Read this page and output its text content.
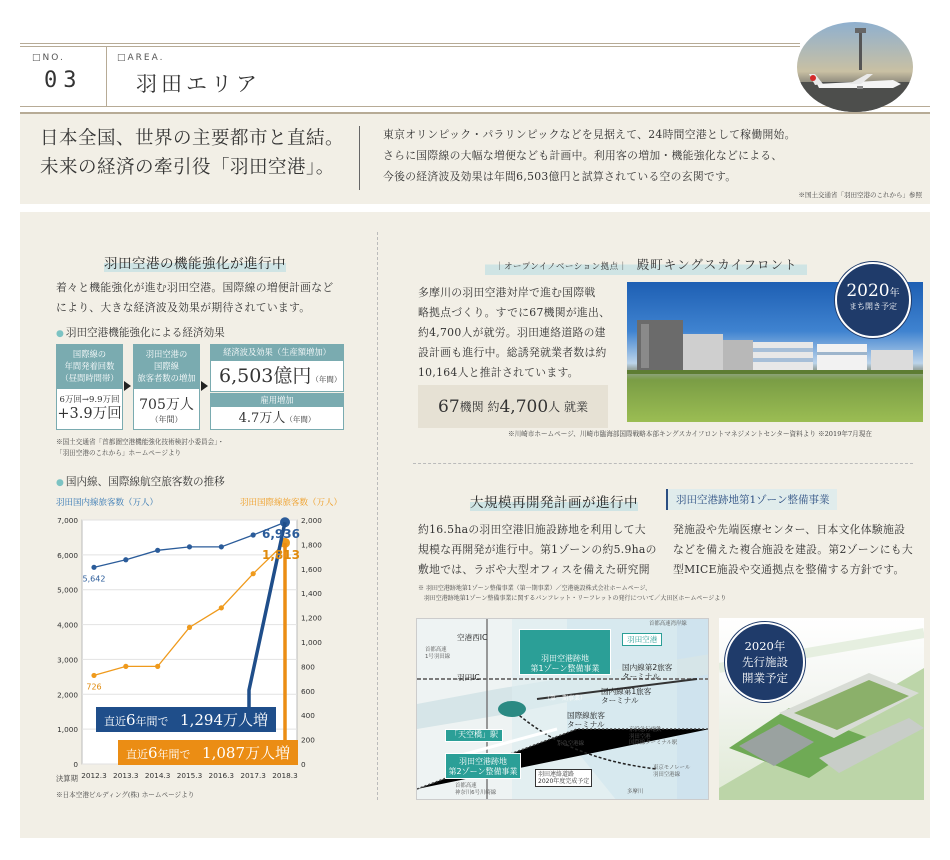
□NO.
03
□AREA.
羽田エリア
日本全国、世界の主要都市と直結。
未来の経済の牽引役「羽田空港」。
東京オリンピック・パラリンピックなどを見据えて、24時間空港として稼働開始。
さらに国際線の大幅な増便なども計画中。利用客の増加・機能強化などによる、
今後の経済波及効果は年間6,503億円と試算されている空の玄関です。
※国土交通省「羽田空港のこれから」参照
羽田空港の機能強化が進行中
着々と機能強化が進む羽田空港。国際線の増便計画など
により、大きな経済波及効果が期待されています。
● 羽田空港機能強化による経済効果
国際線の
年間発着回数
（昼間時間帯）
6万回→9.9万回
+3.9万回
羽田空港の
国際線
旅客者数の増加
705万人
（年間）
経済波及効果（生産額増加）
6,503億円（年間）
雇用増加
4.7万人（年間）
※国土交通省「首都圏空港機能強化技術検討小委員会」・
「羽田空港のこれから」ホームページより
● 国内線、国際線航空旅客数の推移
羽田国内線旅客数（万人）	羽田国際線旅客数（万人）
0
1,000
2,000
3,000
4,000
5,000
6,000
7,000
0
200
400
600
800
1,000
1,200
1,400
1,600
1,800
2,000
2012.3 2013.3 2014.3 2015.3 2016.3 2017.3 2018.3
5,642
6,936
726
1,813
直近6年間で 1,294万人増
直近6年間で 1,087万人増
決算期
※日本空港ビルディング(株) ホームページより
｜オープンイノベーション拠点｜ 殿町キングスカイフロント
多摩川の羽田空港対岸で進む国際戦
略拠点づくり。すでに67機関が進出、
約4,700人が就労。羽田連絡道路の建
設計画も進行中。総誘発就業者数は約
10,164人と推計されています。
67 機関 約 4,700 人 就業
2020年
まち開き予定
※川崎市ホームページ、川崎市臨海部国際戦略本部キングスカイフロントマネジメントセンター資料より ※2019年7月現在
大規模再開発計画が進行中	羽田空港跡地第1ゾーン整備事業
約16.5haの羽田空港旧施設跡地を利用して大
規模な再開発が進行中。第1ゾーンの約5.9haの
敷地では、ラボや大型オフィスを備えた研究開
発施設や先端医療センター、日本文化体験施設
などを備えた複合施設を建設。第2ゾーンにも大
型MICE施設や交通拠点を整備する方針です。
※ 羽田空港跡地第1ゾーン整備事業（第一期事業）／空港施設株式会社ホームページ、
羽田空港跡地第1ゾーン整備事業に関するパンフレット・リーフレットの発行について／大田区ホームページより
空港西IC
首都高速
1号羽田線
羽田IC

羽田空港跡地
第1ゾーン整備事業

（第一期事業）

羽田空港
首都高速湾岸線
国内線第2旅客
ターミナル
国内線第1旅客
ターミナル
国際線旅客
ターミナル
「天空橋」駅
羽田空港跡地
第2ゾーン整備事業
京急空港線
京浜急行電鉄
羽田空港
国際線ターミナル駅
東京モノレール
羽田空港線
羽田連絡道路
2020年度完成予定
首都高速
神奈川6号川崎線	多摩川
2020年
先行施設
開業予定
